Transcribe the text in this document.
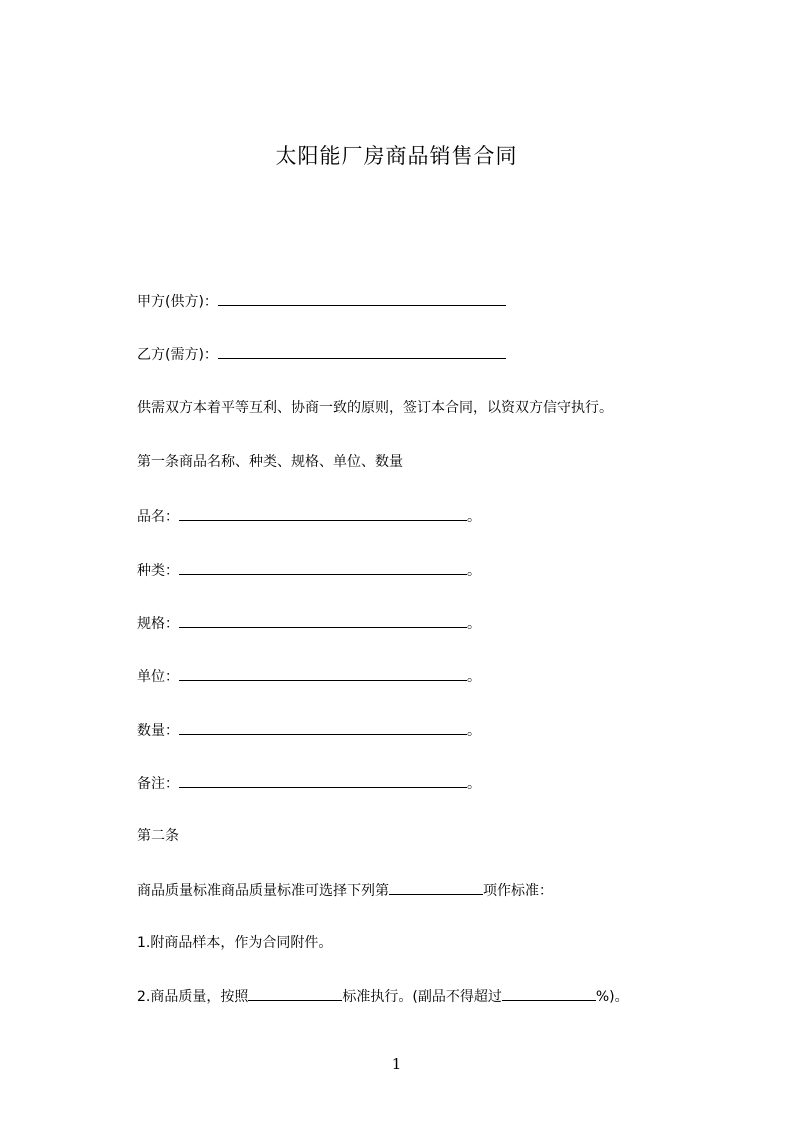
太阳能厂房商品销售合同
甲方(供方)：
乙方(需方)：
供需双方本着平等互利、协商一致的原则，签订本合同，以资双方信守执行。
第一条商品名称、种类、规格、单位、数量
品名：	。
种类：	。
规格：	。
单位：	。
数量：	。
备注：	。
第二条
商品质量标准商品质量标准可选择下列第	项作标准：
1.附商品样本，作为合同附件。
2.商品质量，按照	标准执行。(副品不得超过	%)。
1
